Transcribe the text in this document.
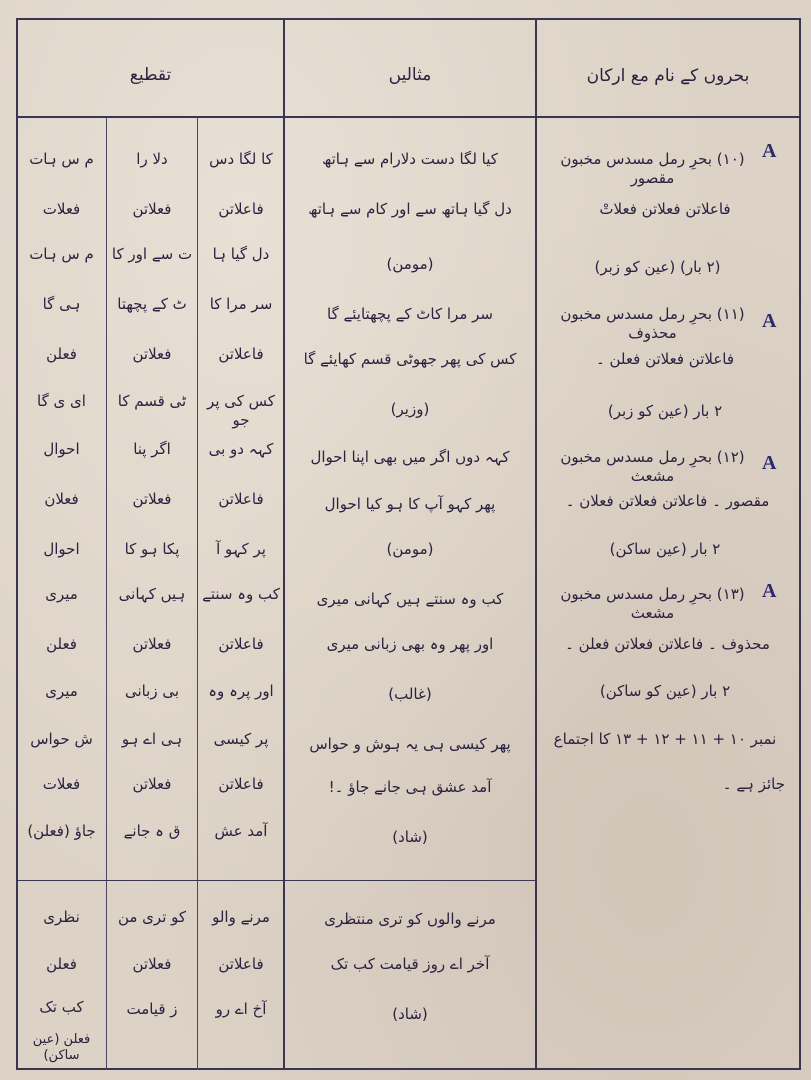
بحروں کے نام مع ارکان
مثالیں
تقطیع
A
A
A
A
(۱۰) بحرِ رمل مسدس مخبون مقصور
فاعلاتن فعلاتن فعلاتْ
(۲ بار) (عین کو زبر)
(۱۱) بحرِ رمل مسدس مخبون محذوف
فاعلاتن فعلاتن فعلن ۔
۲ بار (عین کو زبر)
(۱۲) بحرِ رمل مسدس مخبون مشعث
مقصور ۔ فاعلاتن فعلاتن فعلان ۔
۲ بار (عین ساکن)
(۱۳) بحرِ رمل مسدس مخبون مشعث
محذوف ۔ فاعلاتن فعلاتن فعلن ۔
۲ بار (عین کو ساکن)
نمبر ۱۰ + ۱۱ + ۱۲ + ۱۳ کا اجتماع
جائز ہے ۔
کیا لگا دست دلارام سے ہاتھ
دل گیا ہاتھ سے اور کام سے ہاتھ
(مومن)
سر مرا کاٹ کے پچھتایئے گا
کس کی پھر جھوٹی قسم کھایئے گا
(وزیر)
کہہ دوں اگر میں بھی اپنا احوال
پھر کہو آپ کا ہو کیا احوال
(مومن)
کب وہ سنتے ہیں کہانی میری
اور پھر وہ بھی زبانی میری
(غالب)
پھر کیسی ہی یہ ہوش و حواس
آمد عشق ہی جانے جاؤ ۔!
(شاد)
مرنے والوں کو تری منتظری
آخر اے روز قیامت کب تک
(شاد)
کا لگا دس
فاعلاتن
دل گیا ہا
سر مرا کا
فاعلاتن
کس کی پر جو
کہہ دو بی
فاعلاتن
پر کہو آ
کب وہ سنتے
فاعلاتن
اور پرہ وہ
پر کیسی
فاعلاتن
آمد عش
مرنے والو
فاعلاتن
آخ اے رو
دلا را
فعلاتن
ت سے اور کا
ٹ کے پچھتا
فعلاتن
ٹی قسم کا
اگر پنا
فعلاتن
پکا ہو کا
ہیں کہانی
فعلاتن
بی زبانی
ہی اے ہو
فعلاتن
ق ہ جانے
کو تری من
فعلاتن
ز قیامت
م س ہات
فعلات
م س ہات
ہی گا
فعلن
ای ی گا
احوال
فعلان
احوال
میری
فعلن
میری
ش حواس
فعلات
جاؤ (فعلن)
نظری
فعلن
کب تک
فعلن (عین ساکن)
